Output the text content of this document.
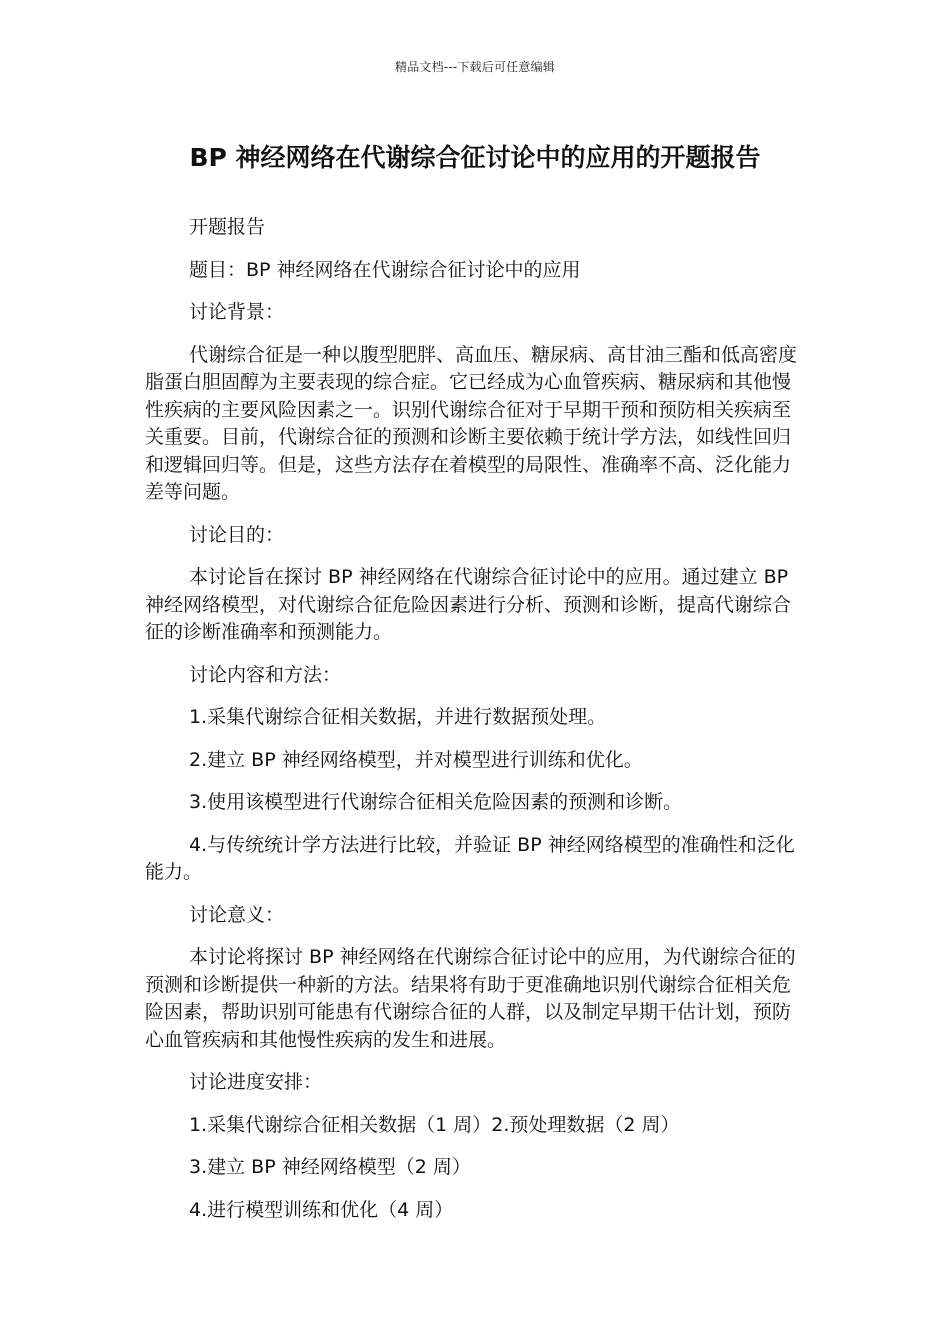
精品文档---下载后可任意编辑
BP 神经网络在代谢综合征讨论中的应用的开题报告

开题报告

题目：BP 神经网络在代谢综合征讨论中的应用

讨论背景：

代谢综合征是一种以腹型肥胖、高血压、糖尿病、高甘油三酯和低高密度脂蛋白胆固醇为主要表现的综合症。它已经成为心血管疾病、糖尿病和其他慢性疾病的主要风险因素之一。识别代谢综合征对于早期干预和预防相关疾病至关重要。目前，代谢综合征的预测和诊断主要依赖于统计学方法，如线性回归和逻辑回归等。但是，这些方法存在着模型的局限性、准确率不高、泛化能力差等问题。

讨论目的：

本讨论旨在探讨 BP 神经网络在代谢综合征讨论中的应用。通过建立 BP 神经网络模型，对代谢综合征危险因素进行分析、预测和诊断，提高代谢综合征的诊断准确率和预测能力。

讨论内容和方法：

1.采集代谢综合征相关数据，并进行数据预处理。

2.建立 BP 神经网络模型，并对模型进行训练和优化。

3.使用该模型进行代谢综合征相关危险因素的预测和诊断。

4.与传统统计学方法进行比较，并验证 BP 神经网络模型的准确性和泛化能力。

讨论意义：

本讨论将探讨 BP 神经网络在代谢综合征讨论中的应用，为代谢综合征的预测和诊断提供一种新的方法。结果将有助于更准确地识别代谢综合征相关危险因素，帮助识别可能患有代谢综合征的人群，以及制定早期干估计划，预防心血管疾病和其他慢性疾病的发生和进展。

讨论进度安排：

1.采集代谢综合征相关数据（1 周）2.预处理数据（2 周）

3.建立 BP 神经网络模型（2 周）

4.进行模型训练和优化（4 周）
